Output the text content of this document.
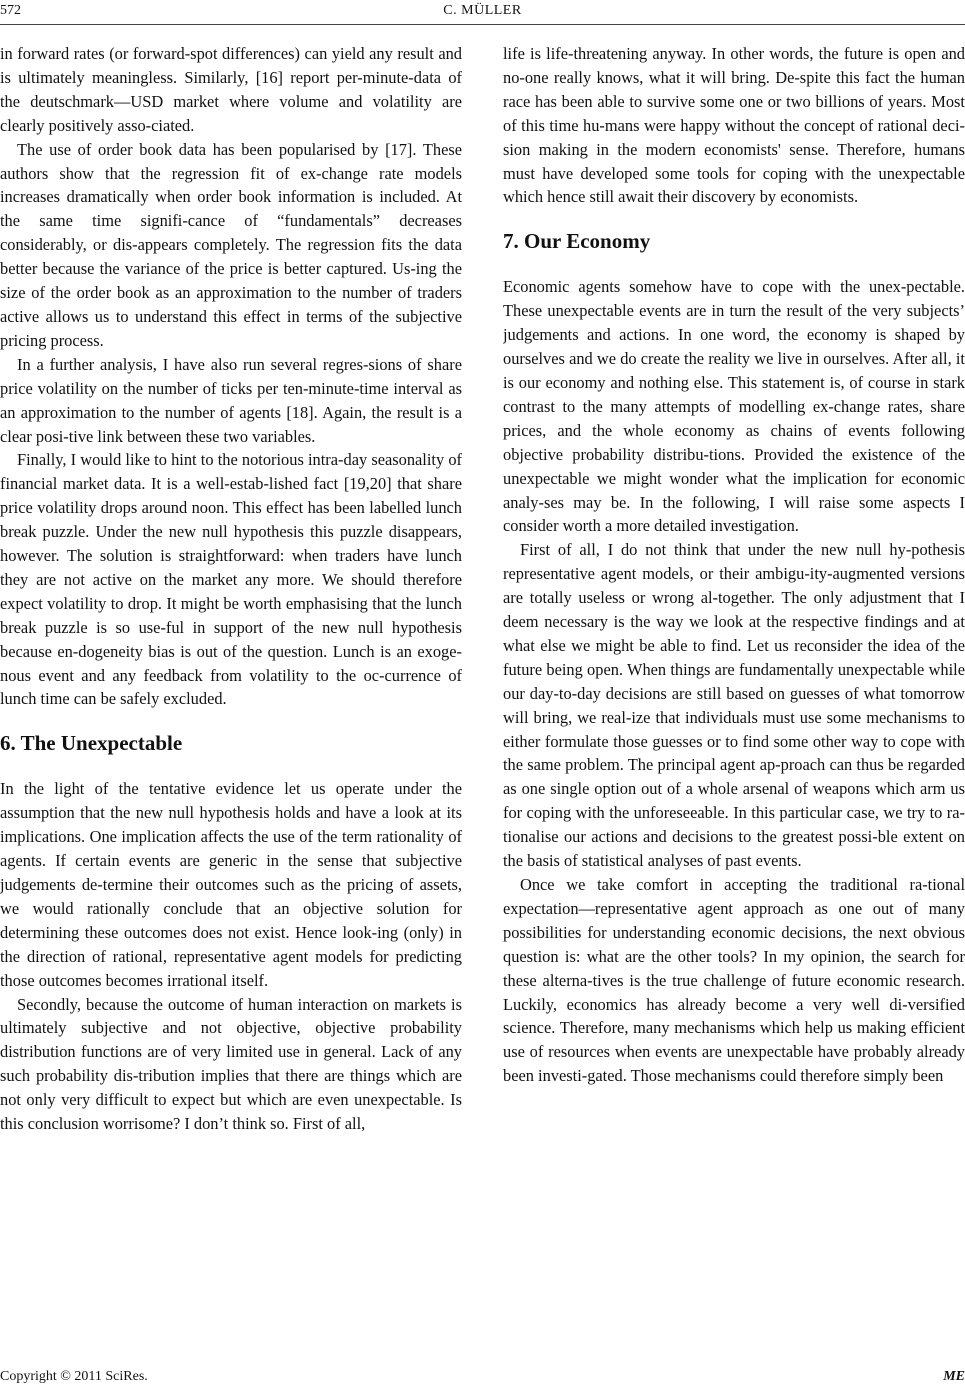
572	C. MÜLLER

in forward rates (or forward-spot differences) can yield any result and is ultimately meaningless. Similarly, [16] report per-minute-data of the deutschmark—USD market where volume and volatility are clearly positively asso-ciated.

The use of order book data has been popularised by [17]. These authors show that the regression fit of ex-change rate models increases dramatically when order book information is included. At the same time signifi-cance of “fundamentals” decreases considerably, or dis-appears completely. The regression fits the data better because the variance of the price is better captured. Us-ing the size of the order book as an approximation to the number of traders active allows us to understand this effect in terms of the subjective pricing process.

In a further analysis, I have also run several regres-sions of share price volatility on the number of ticks per ten-minute-time interval as an approximation to the number of agents [18]. Again, the result is a clear posi-tive link between these two variables.

Finally, I would like to hint to the notorious intra-day seasonality of financial market data. It is a well-estab-lished fact [19,20] that share price volatility drops around noon. This effect has been labelled lunch break puzzle. Under the new null hypothesis this puzzle disappears, however. The solution is straightforward: when traders have lunch they are not active on the market any more. We should therefore expect volatility to drop. It might be worth emphasising that the lunch break puzzle is so use-ful in support of the new null hypothesis because en-dogeneity bias is out of the question. Lunch is an exoge-nous event and any feedback from volatility to the oc-currence of lunch time can be safely excluded.

6. The Unexpectable

In the light of the tentative evidence let us operate under the assumption that the new null hypothesis holds and have a look at its implications. One implication affects the use of the term rationality of agents. If certain events are generic in the sense that subjective judgements de-termine their outcomes such as the pricing of assets, we would rationally conclude that an objective solution for determining these outcomes does not exist. Hence look-ing (only) in the direction of rational, representative agent models for predicting those outcomes becomes irrational itself.

Secondly, because the outcome of human interaction on markets is ultimately subjective and not objective, objective probability distribution functions are of very limited use in general. Lack of any such probability dis-tribution implies that there are things which are not only very difficult to expect but which are even unexpectable. Is this conclusion worrisome? I don’t think so. First of all,

life is life-threatening anyway. In other words, the future is open and no-one really knows, what it will bring. De-spite this fact the human race has been able to survive some one or two billions of years. Most of this time hu-mans were happy without the concept of rational deci-sion making in the modern economists' sense. Therefore, humans must have developed some tools for coping with the unexpectable which hence still await their discovery by economists.

7. Our Economy

Economic agents somehow have to cope with the unex-pectable. These unexpectable events are in turn the result of the very subjects’ judgements and actions. In one word, the economy is shaped by ourselves and we do create the reality we live in ourselves. After all, it is our economy and nothing else. This statement is, of course in stark contrast to the many attempts of modelling ex-change rates, share prices, and the whole economy as chains of events following objective probability distribu-tions. Provided the existence of the unexpectable we might wonder what the implication for economic analy-ses may be. In the following, I will raise some aspects I consider worth a more detailed investigation.

First of all, I do not think that under the new null hy-pothesis representative agent models, or their ambigu-ity-augmented versions are totally useless or wrong al-together. The only adjustment that I deem necessary is the way we look at the respective findings and at what else we might be able to find. Let us reconsider the idea of the future being open. When things are fundamentally unexpectable while our day-to-day decisions are still based on guesses of what tomorrow will bring, we real-ize that individuals must use some mechanisms to either formulate those guesses or to find some other way to cope with the same problem. The principal agent ap-proach can thus be regarded as one single option out of a whole arsenal of weapons which arm us for coping with the unforeseeable. In this particular case, we try to ra-tionalise our actions and decisions to the greatest possi-ble extent on the basis of statistical analyses of past events.

Once we take comfort in accepting the traditional ra-tional expectation—representative agent approach as one out of many possibilities for understanding economic decisions, the next obvious question is: what are the other tools? In my opinion, the search for these alterna-tives is the true challenge of future economic research. Luckily, economics has already become a very well di-versified science. Therefore, many mechanisms which help us making efficient use of resources when events are unexpectable have probably already been investi-gated. Those mechanisms could therefore simply been

Copyright © 2011 SciRes.	ME
